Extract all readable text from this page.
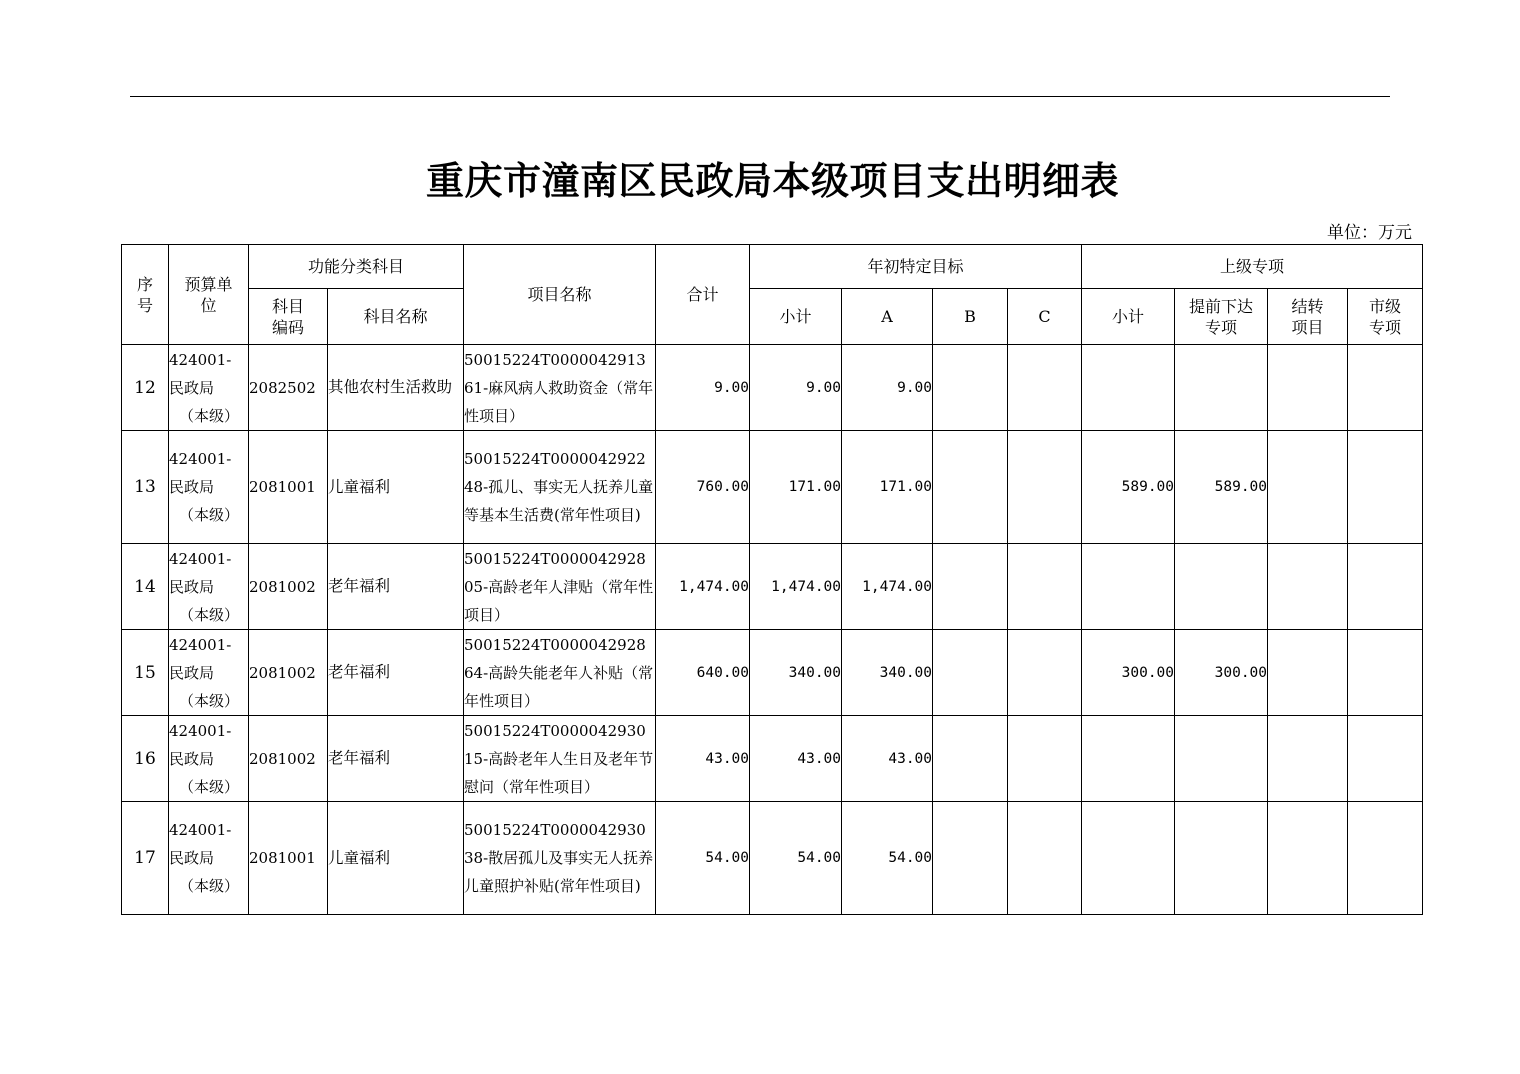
重庆市潼南区民政局本级项目支出明细表
单位：万元
序号	预算单位	功能分类科目		项目名称	合计	年初特定目标				上级专项			
		科目编码	科目名称			小计	A	B	C	小计	提前下达专项	结转项目	市级专项
12	424001-
民政局
（本级）	2082502	其他农村生活救助	50015224T000004291361-麻风病人救助资金（常年性项目）	9.00	9.00	9.00						
13	424001-
民政局
（本级）	2081001	儿童福利	50015224T000004292248-孤儿、事实无人抚养儿童等基本生活费(常年性项目)	760.00	171.00	171.00			589.00	589.00		
14	424001-
民政局
（本级）	2081002	老年福利	50015224T000004292805-高龄老年人津贴（常年性项目）	1,474.00	1,474.00	1,474.00						
15	424001-
民政局
（本级）	2081002	老年福利	50015224T000004292864-高龄失能老年人补贴（常年性项目）	640.00	340.00	340.00			300.00	300.00		
16	424001-
民政局
（本级）	2081002	老年福利	50015224T000004293015-高龄老年人生日及老年节慰问（常年性项目）	43.00	43.00	43.00						
17	424001-
民政局
（本级）	2081001	儿童福利	50015224T000004293038-散居孤儿及事实无人抚养儿童照护补贴(常年性项目)	54.00	54.00	54.00						
